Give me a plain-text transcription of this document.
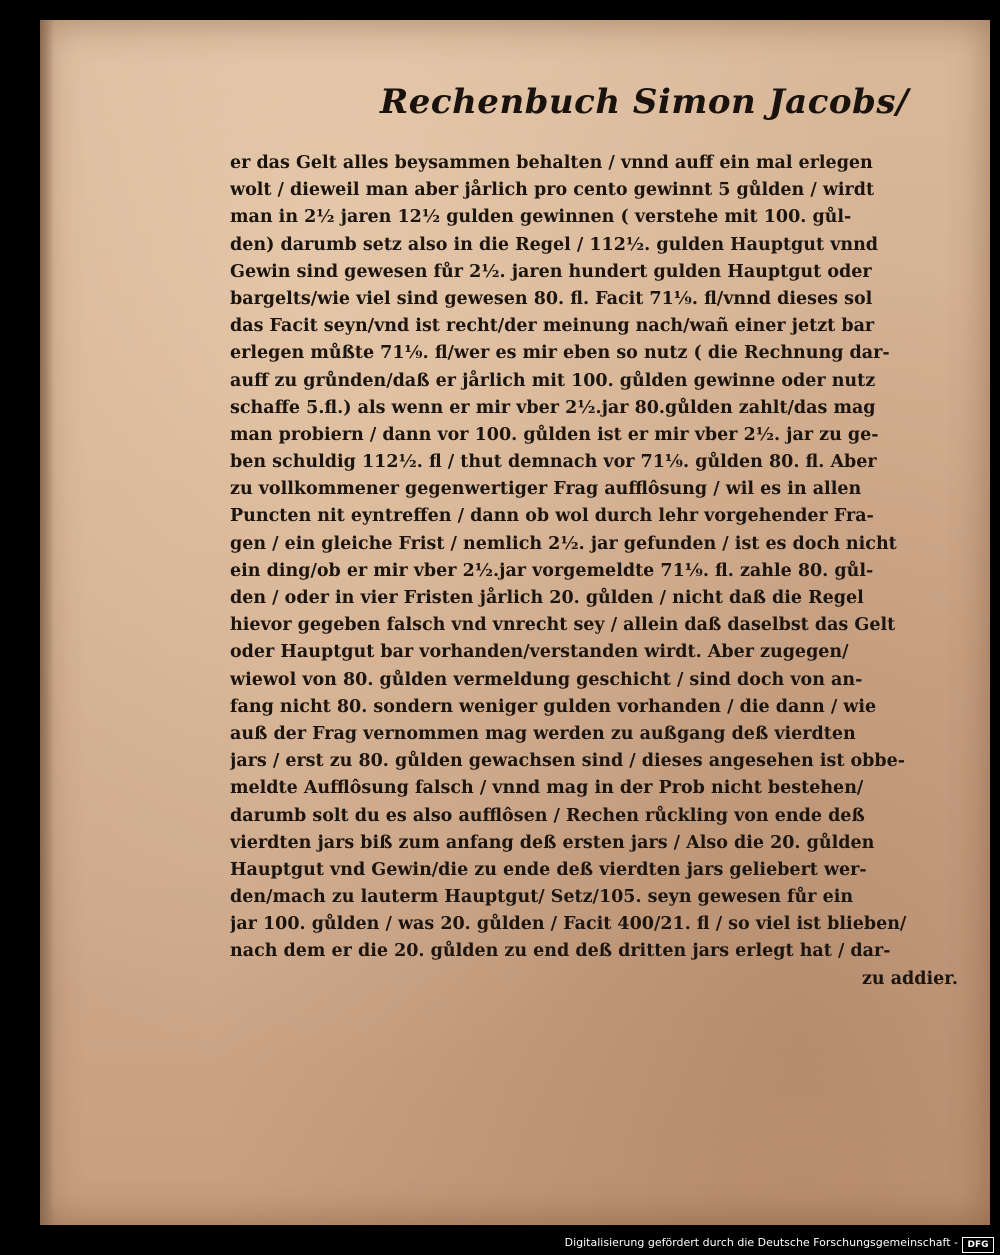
Rechenbuch Simon Jacobs/
er das Gelt alles beysammen behalten / vnnd auff ein mal erlegen
wolt / dieweil man aber jårlich pro cento gewinnt 5 gůlden / wirdt
man in 2½ jaren 12½ gulden gewinnen ( verstehe mit 100. gůl-
den) darumb setz also in die Regel / 112½. gulden Hauptgut vnnd
Gewin sind gewesen fůr 2½. jaren hundert gulden Hauptgut oder
bargelts/wie viel sind gewesen 80. fl. Facit 71⅑. fl/vnnd dieses sol
das Facit seyn/vnd ist recht/der meinung nach/wañ einer jetzt bar
erlegen můßte 71⅑. fl/wer es mir eben so nutz ( die Rechnung dar-
auff zu grůnden/daß er jårlich mit 100. gůlden gewinne oder nutz
schaffe 5.fl.) als wenn er mir vber 2½.jar 80.gůlden zahlt/das mag
man probiern / dann vor 100. gůlden ist er mir vber 2½. jar zu ge-
ben schuldig 112½. fl / thut demnach vor 71⅑. gůlden 80. fl. Aber
zu vollkommener gegenwertiger Frag aufflôsung / wil es in allen
Puncten nit eyntreffen / dann ob wol durch lehr vorgehender Fra-
gen / ein gleiche Frist / nemlich 2½. jar gefunden / ist es doch nicht
ein ding/ob er mir vber 2½.jar vorgemeldte 71⅑. fl. zahle 80. gůl-
den / oder in vier Fristen jårlich 20. gůlden / nicht daß die Regel
hievor gegeben falsch vnd vnrecht sey / allein daß daselbst das Gelt
oder Hauptgut bar vorhanden/verstanden wirdt. Aber zugegen/
wiewol von 80. gůlden vermeldung geschicht / sind doch von an-
fang nicht 80. sondern weniger gulden vorhanden / die dann / wie
auß der Frag vernommen mag werden zu außgang deß vierdten
jars / erst zu 80. gůlden gewachsen sind / dieses angesehen ist obbe-
meldte Aufflôsung falsch / vnnd mag in der Prob nicht bestehen/
darumb solt du es also aufflôsen / Rechen růckling von ende deß
vierdten jars biß zum anfang deß ersten jars / Also die 20. gůlden
Hauptgut vnd Gewin/die zu ende deß vierdten jars geliebert wer-
den/mach zu lauterm Hauptgut/ Setz/105. seyn gewesen fůr ein
jar 100. gůlden / was 20. gůlden / Facit 400/21. fl / so viel ist blieben/
nach dem er die 20. gůlden zu end deß dritten jars erlegt hat / dar-
zu addier.
Digitalisierung gefördert durch die Deutsche Forschungsgemeinschaft -	DFG
